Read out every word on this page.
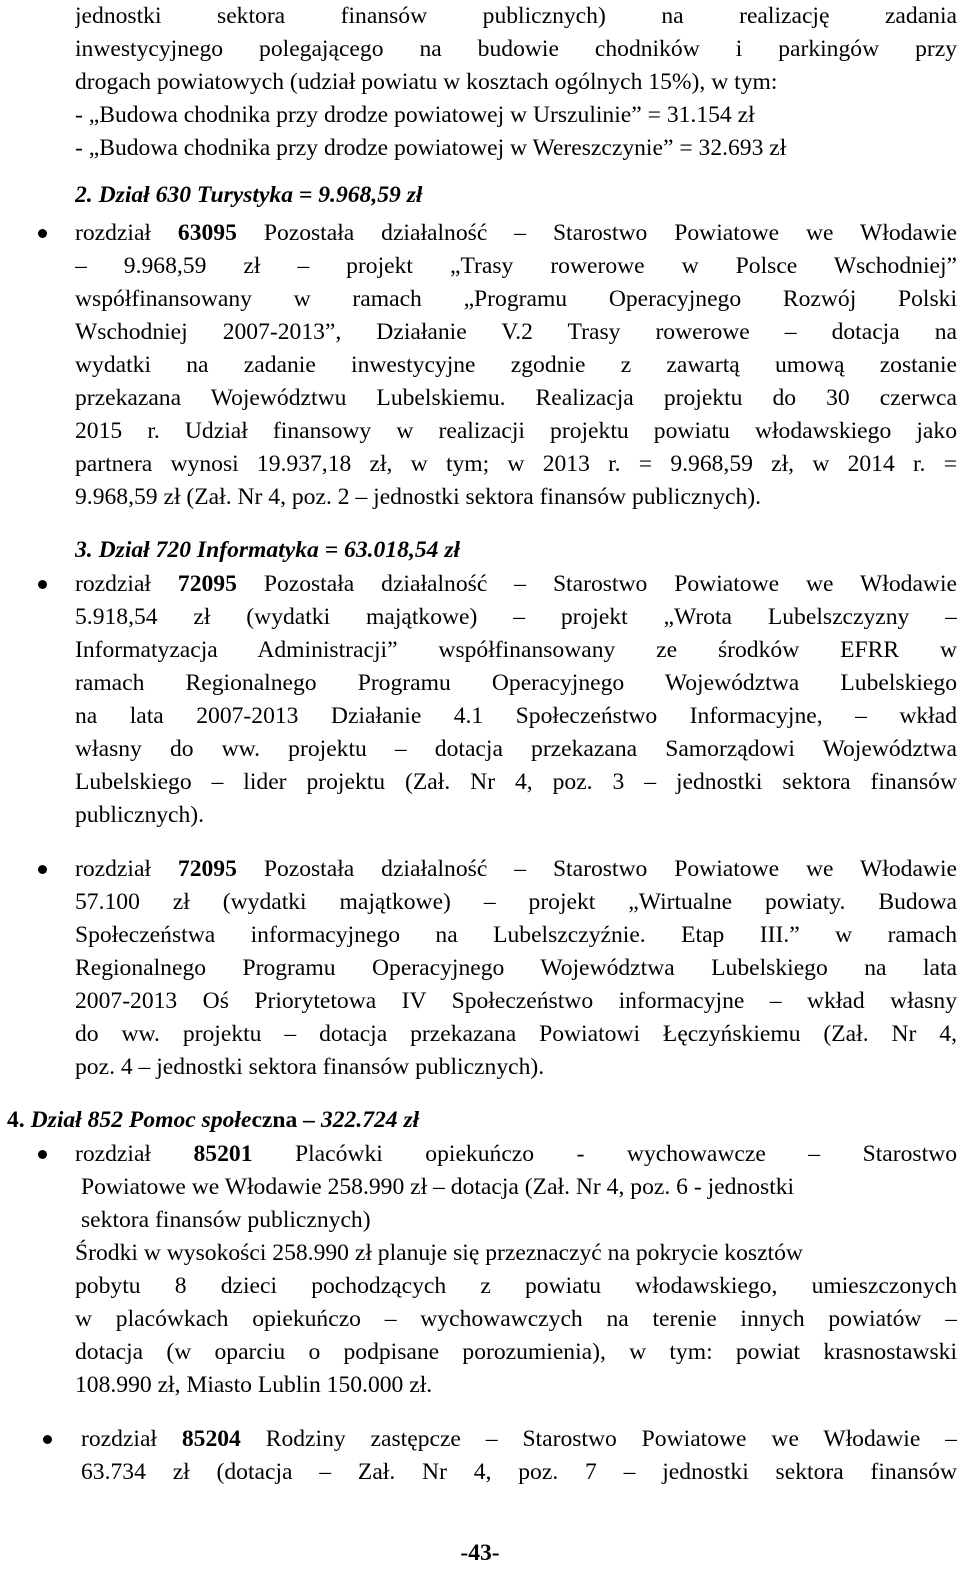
jednostki sektora finansów publicznych) na realizację zadania
inwestycyjnego polegającego na budowie chodników i parkingów przy
drogach powiatowych (udział powiatu w kosztach ogólnych 15%), w tym:
- „Budowa chodnika przy drodze powiatowej w Urszulinie” = 31.154 zł
- „Budowa chodnika przy drodze powiatowej w Wereszczynie” = 32.693 zł
2. Dział 630 Turystyka = 9.968,59 zł
rozdział 63095 Pozostała działalność – Starostwo Powiatowe we Włodawie
– 9.968,59 zł – projekt „Trasy rowerowe w Polsce Wschodniej”
współfinansowany w ramach „Programu Operacyjnego Rozwój Polski
Wschodniej 2007-2013”, Działanie V.2 Trasy rowerowe – dotacja na
wydatki na zadanie inwestycyjne zgodnie z zawartą umową zostanie
przekazana Województwu Lubelskiemu. Realizacja projektu do 30 czerwca
2015 r. Udział finansowy w realizacji projektu powiatu włodawskiego jako
partnera wynosi 19.937,18 zł, w tym; w 2013 r. = 9.968,59 zł, w 2014 r. =
9.968,59 zł (Zał. Nr 4, poz. 2 – jednostki sektora finansów publicznych).
3. Dział 720 Informatyka = 63.018,54 zł
rozdział 72095 Pozostała działalność – Starostwo Powiatowe we Włodawie
5.918,54 zł (wydatki majątkowe) – projekt „Wrota Lubelszczyzny –
Informatyzacja Administracji” współfinansowany ze środków EFRR w
ramach Regionalnego Programu Operacyjnego Województwa Lubelskiego
na lata 2007-2013 Działanie 4.1 Społeczeństwo Informacyjne, – wkład
własny do ww. projektu – dotacja przekazana Samorządowi Województwa
Lubelskiego – lider projektu (Zał. Nr 4, poz. 3 – jednostki sektora finansów
publicznych).
rozdział 72095 Pozostała działalność – Starostwo Powiatowe we Włodawie
57.100 zł (wydatki majątkowe) – projekt „Wirtualne powiaty. Budowa
Społeczeństwa informacyjnego na Lubelszczyźnie. Etap III.” w ramach
Regionalnego Programu Operacyjnego Województwa Lubelskiego na lata
2007-2013 Oś Priorytetowa IV Społeczeństwo informacyjne – wkład własny
do ww. projektu – dotacja przekazana Powiatowi Łęczyńskiemu (Zał. Nr 4,
poz. 4 – jednostki sektora finansów publicznych).
4. Dział 852 Pomoc społeczna – 322.724 zł
rozdział 85201 Placówki opiekuńczo - wychowawcze – Starostwo
Powiatowe we Włodawie 258.990 zł – dotacja (Zał. Nr 4, poz. 6 - jednostki
sektora finansów publicznych)
Środki w wysokości 258.990 zł planuje się przeznaczyć na pokrycie kosztów
pobytu 8 dzieci pochodzących z powiatu włodawskiego, umieszczonych
w placówkach opiekuńczo – wychowawczych na terenie innych powiatów –
dotacja (w oparciu o podpisane porozumienia), w tym: powiat krasnostawski
108.990 zł, Miasto Lublin 150.000 zł.
rozdział 85204 Rodziny zastępcze – Starostwo Powiatowe we Włodawie –
63.734 zł (dotacja – Zał. Nr 4, poz. 7 – jednostki sektora finansów
-43-
